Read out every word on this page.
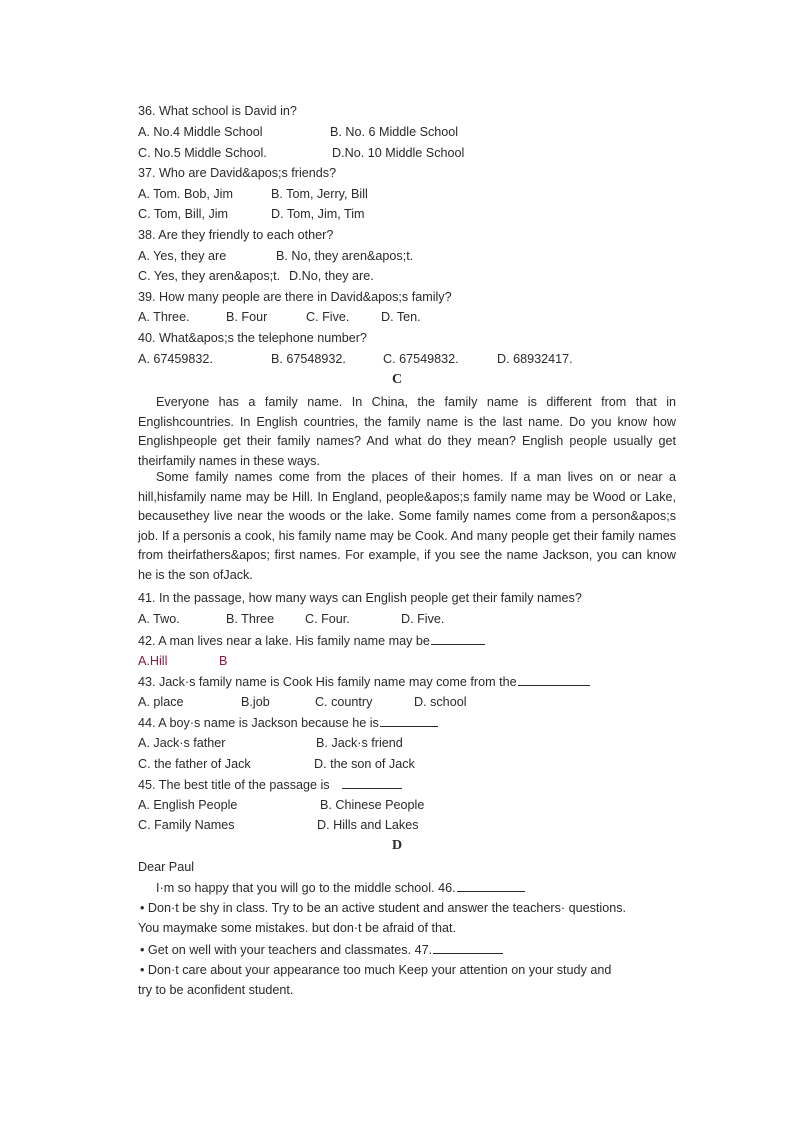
36. What school is David in?
A. No.4 Middle School	B. No. 6 Middle School
C. No.5 Middle School.	D.No. 10 Middle School
37. Who are David&apos;s friends?
A. Tom. Bob, Jim	B. Tom, Jerry, Bill
C. Tom, Bill, Jim	D. Tom, Jim, Tim
38. Are they friendly to each other?
A. Yes, they are	B. No, they aren&apos;t.
C. Yes, they aren&apos;t. D.No, they are.
39. How many people are there in David&apos;s family?
A. Three.	B. Four	C. Five.	D. Ten.
40. What&apos;s the telephone number?
A. 67459832.	B. 67548932.	C. 67549832.	D. 68932417.
C

Everyone has a family name. In China, the family name is different from that in Englishcountries. In English countries, the family name is the last name. Do you know how Englishpeople get their family names? And what do they mean? English people usually get theirfamily names in these ways.

Some family names come from the places of their homes. If a man lives on or near a hill,hisfamily name may be Hill. In England, people&apos;s family name may be Wood or Lake, becausethey live near the woods or the lake. Some family names come from a person&apos;s job. If a personis a cook, his family name may be Cook. And many people get their family names from theirfathers&apos; first names. For example, if you see the name Jackson, you can know he is the son ofJack.

41. In the passage, how many ways can English people get their family names?
A. Two.	B. Three C. Four.	D. Five.
42. A man lives near a lake. His family name may be
A.Hill	B
43. Jack·s family name is Cook His family name may come from the
A. place	B.job	C. country	D. school
44. A boy·s name is Jackson because he is
A. Jack·s father	B. Jack·s friend
C. the father of Jack	D. the son of Jack
45. The best title of the passage is
A. English People	B. Chinese People
C. Family Names	D. Hills and Lakes
D
Dear Paul
I·m so happy that you will go to the middle school. 46.
• Don·t be shy in class. Try to be an active student and answer the teachers· questions.
You maymake some mistakes. but don·t be afraid of that.
• Get on well with your teachers and classmates. 47.
• Don·t care about your appearance too much Keep your attention on your study and
try to be aconfident student.
